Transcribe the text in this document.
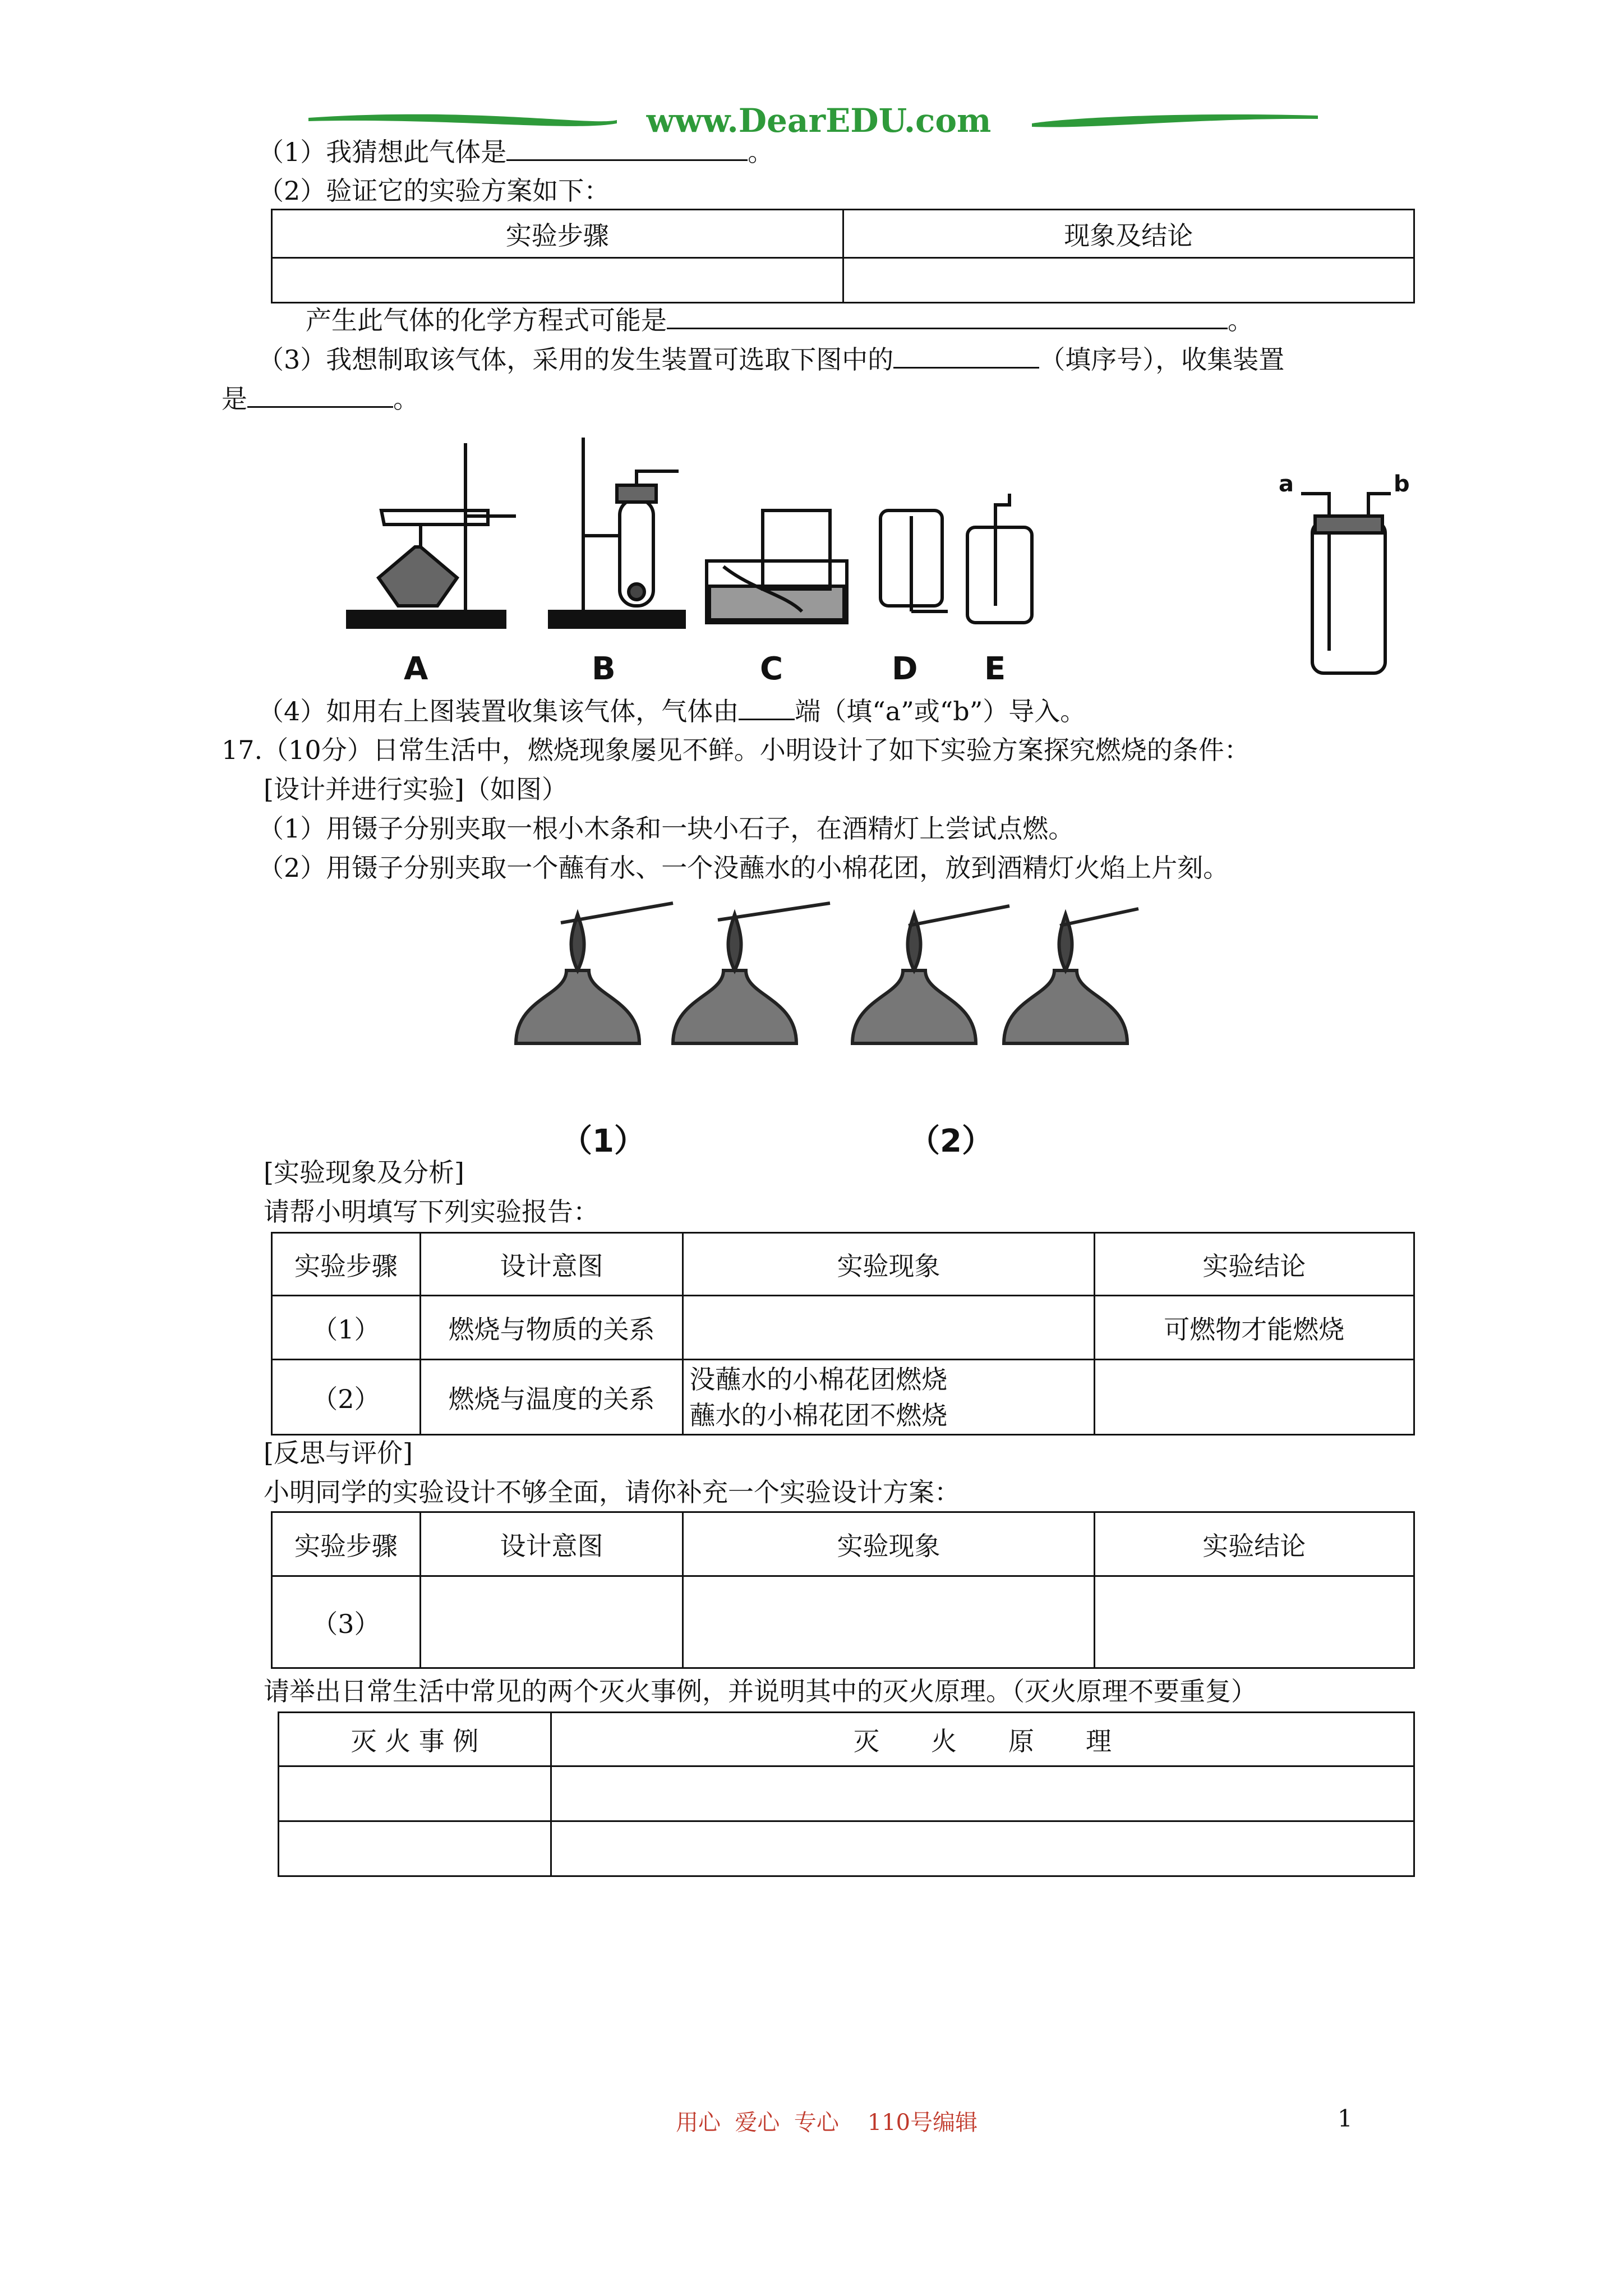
www.DearEDU.com
（1）我猜想此气体是	。
（2）验证它的实验方案如下：
实验步骤	现象及结论

产生此气体的化学方程式可能是	。
（3）我想制取该气体，采用的发生装置可选取下图中的	（填序号），收集装置
是	。
A	B	C	D E
a	b
（4）如用右上图装置收集该气体，气体由 端（填“a”或“b”）导入。
17.（10分）日常生活中，燃烧现象屡见不鲜。小明设计了如下实验方案探究燃烧的条件：
[设计并进行实验]（如图）
（1）用镊子分别夹取一根小木条和一块小石子，在酒精灯上尝试点燃。
（2）用镊子分别夹取一个蘸有水、一个没蘸水的小棉花团，放到酒精灯火焰上片刻。
（1）	（2）
[实验现象及分析]
请帮小明填写下列实验报告：
实验步骤	设计意图	实验现象	实验结论
（1）	燃烧与物质的关系		可燃物才能燃烧
（2）	燃烧与温度的关系	没蘸水的小棉花团燃烧
蘸水的小棉花团不燃烧	
[反思与评价]
小明同学的实验设计不够全面，请你补充一个实验设计方案：
实验步骤	设计意图	实验现象	实验结论
（3）			
请举出日常生活中常见的两个灭火事例，并说明其中的灭火原理。（灭火原理不要重复）
灭 火 事 例	灭　　火　　原　　理

用心  爱心  专心    110号编辑	1
